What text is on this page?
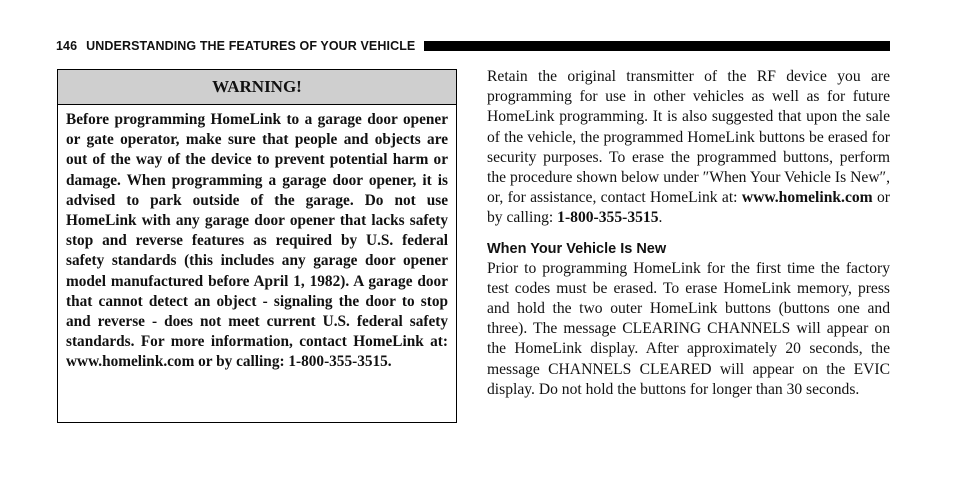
146 UNDERSTANDING THE FEATURES OF YOUR VEHICLE
WARNING!
Before programming HomeLink to a garage door opener or gate operator, make sure that people and objects are out of the way of the device to prevent potential harm or damage. When programming a garage door opener, it is advised to park outside of the garage. Do not use HomeLink with any garage door opener that lacks safety stop and reverse features as required by U.S. federal safety standards (this includes any garage door opener model manufactured before April 1, 1982). A garage door that cannot detect an object - signaling the door to stop and reverse - does not meet current U.S. federal safety standards. For more information, contact HomeLink at: www.homelink.com or by calling: 1-800-355-3515.

Retain the original transmitter of the RF device you are programming for use in other vehicles as well as for future HomeLink programming. It is also suggested that upon the sale of the vehicle, the programmed HomeLink buttons be erased for security purposes. To erase the programmed buttons, perform the procedure shown below under ″When Your Vehicle Is New″, or, for assistance, contact HomeLink at: www.homelink.com or by calling: 1-800-355-3515.

When Your Vehicle Is New

Prior to programming HomeLink for the first time the factory test codes must be erased. To erase HomeLink memory, press and hold the two outer HomeLink buttons (buttons one and three). The message CLEARING CHANNELS will appear on the HomeLink display. After approximately 20 seconds, the message CHANNELS CLEARED will appear on the EVIC display. Do not hold the buttons for longer than 30 seconds.
